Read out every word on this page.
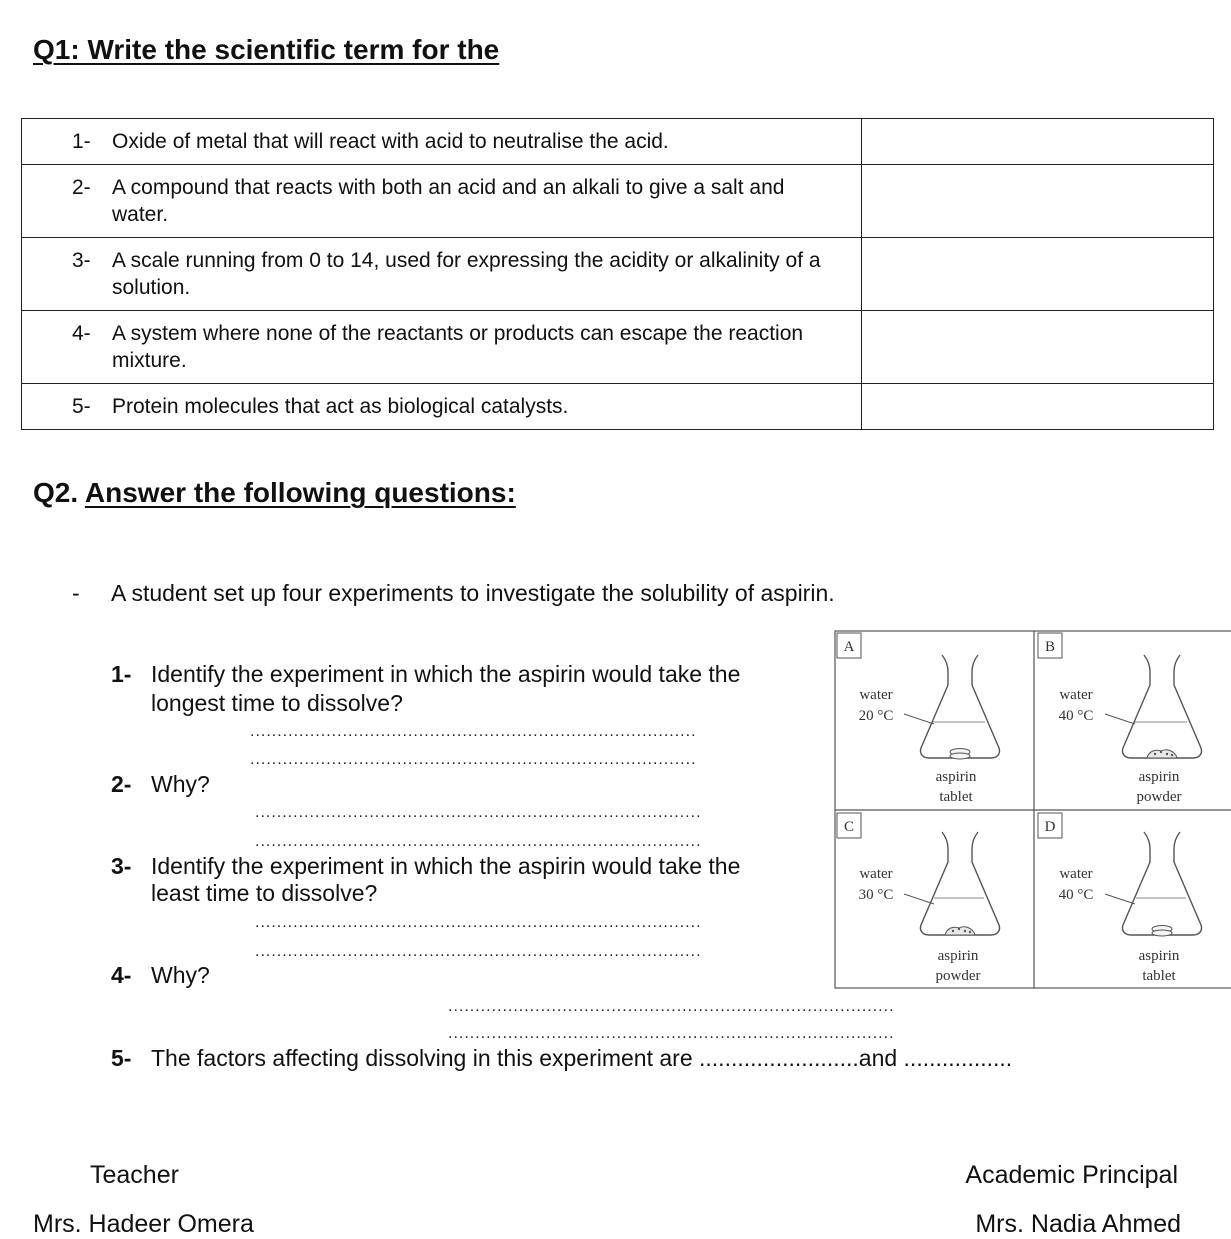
Q1: Write the scientific term for the
1- Oxide of metal that will react with acid to neutralise the acid.	

2- A compound that reacts with both an acid and an alkali to give a salt and water.	

3- A scale running from 0 to 14, used for expressing the acidity or alkalinity of a solution.	

4- A system where none of the reactants or products can escape the reaction mixture.	

5- Protein molecules that act as biological catalysts.	

Q2. Answer the following questions:
- A student set up four experiments to investigate the solubility of aspirin.
1- Identify the experiment in which the aspirin would take the
longest time to dissolve?
..................................................................................
..................................................................................
2- Why?
..................................................................................
..................................................................................
3- Identify the experiment in which the aspirin would take the
least time to dissolve?
..................................................................................
..................................................................................
4- Why?
..................................................................................
..................................................................................
5- The factors affecting dissolving in this experiment are .........................and .................
A
water
20 °C
aspirin
tablet
B
water
40 °C
aspirin
powder
C
water
30 °C
aspirin
powder
D
water
40 °C
aspirin
tablet
Teacher
Mrs. Hadeer Omera
Academic Principal
Mrs. Nadia Ahmed
